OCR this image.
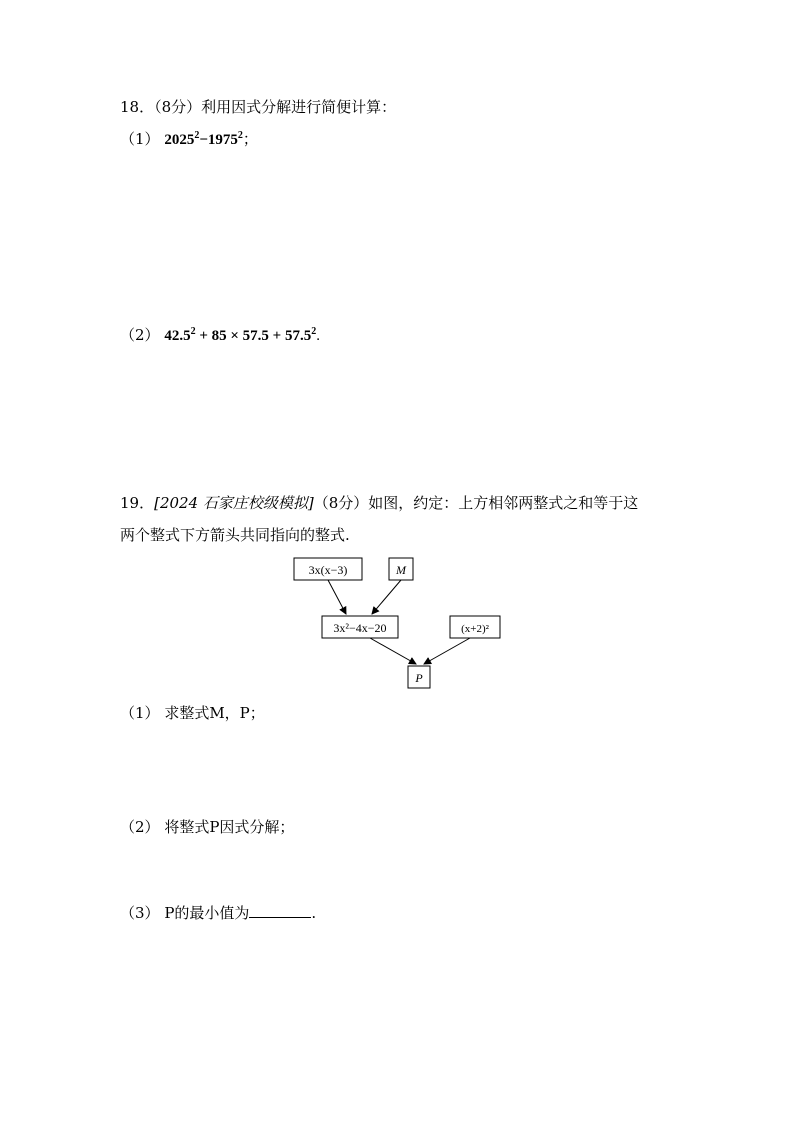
18．（8分）利用因式分解进行简便计算：
（1） $2025^2-1975^2$；
（2） $42.5^2 + 85 \times 57.5 + 57.5^2$.
19．[2024 石家庄校级模拟]（8分）如图，约定：上方相邻两整式之和等于这
两个整式下方箭头共同指向的整式.
3x(x−3)	M
3x²−4x−20	(x+2)²
P
（1） 求整式M，P；
（2） 将整式P因式分解；
（3） P的最小值为	.
